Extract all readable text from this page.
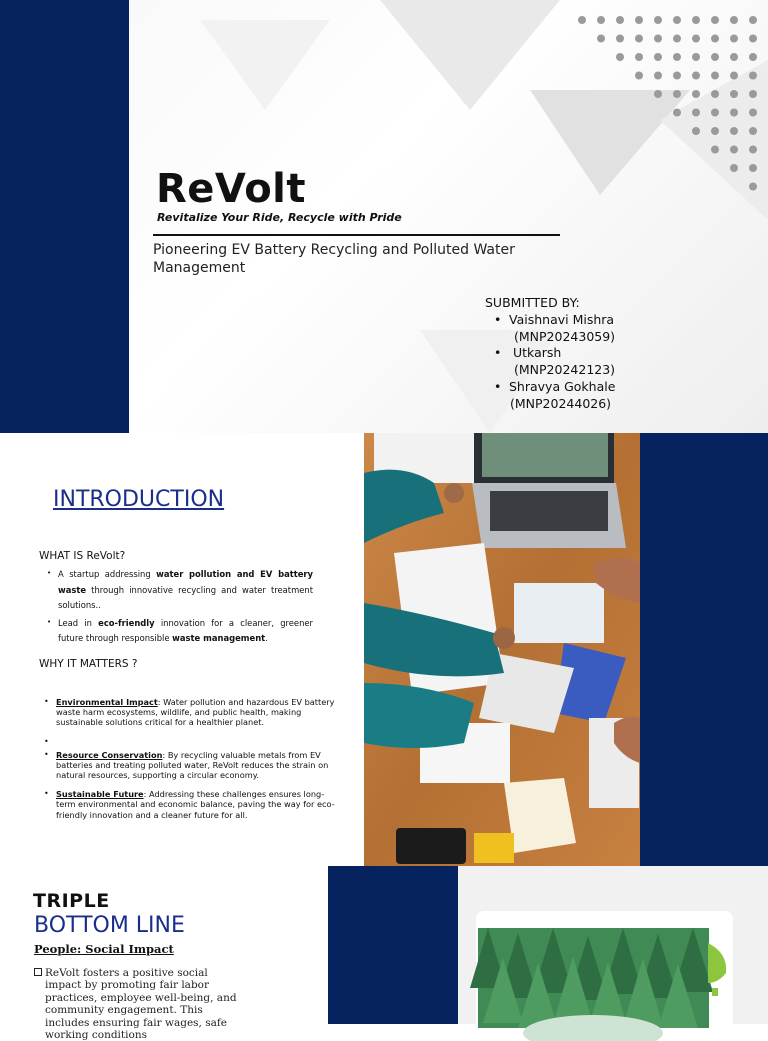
ReVolt
Revitalize Your Ride, Recycle with Pride
Pioneering EV Battery Recycling and Polluted Water Management
SUBMITTED BY:
• Vaishnavi Mishra
(MNP20243059)
• Utkarsh
(MNP20242123)
• Shravya Gokhale
(MNP20244026)
INTRODUCTION
WHAT IS ReVolt?
• A startup addressing water pollution and EV battery waste through innovative recycling and water treatment solutions..
• Lead in eco-friendly innovation for a cleaner, greener future through responsible waste management.
WHY IT MATTERS ?
• Environmental Impact: Water pollution and hazardous EV battery waste harm ecosystems, wildlife, and public health, making sustainable solutions critical for a healthier planet.
•
• Resource Conservation: By recycling valuable metals from EV batteries and treating polluted water, ReVolt reduces the strain on natural resources, supporting a circular economy.
• Sustainable Future: Addressing these challenges ensures long-term environmental and economic balance, paving the way for eco-friendly innovation and a cleaner future for all.
TRIPLE
BOTTOM LINE
People: Social Impact
ReVolt fosters a positive social impact by promoting fair labor practices, employee well-being, and community engagement. This includes ensuring fair wages, safe working conditions
